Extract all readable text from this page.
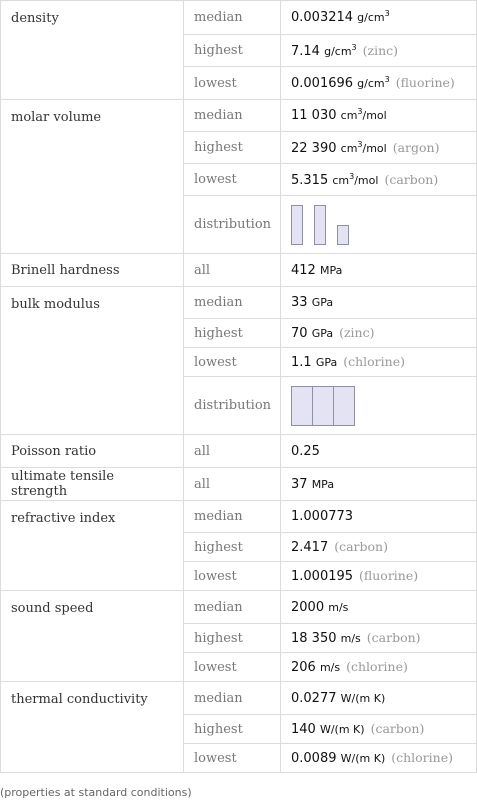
density	median	0.003214 $g/cm^3$
	highest	7.14 $g/cm^3$ (zinc)
	lowest	0.001696 $g/cm^3$ (fluorine)
molar volume	median	11 030 $cm^3$/mol
	highest	22 390 $cm^3$/mol (argon)
	lowest	5.315 $cm^3$/mol (carbon)
	distribution	

Brinell hardness	all	412 MPa
bulk modulus	median	33 GPa
	highest	70 GPa (zinc)
	lowest	1.1 GPa (chlorine)
	distribution	

Poisson ratio	all	0.25
ultimate tensile strength	all	37 MPa
refractive index	median	1.000773
	highest	2.417 (carbon)
	lowest	1.000195 (fluorine)
sound speed	median	2000 m/s
	highest	18 350 m/s (carbon)
	lowest	206 m/s (chlorine)
thermal conductivity	median	0.0277 W/(m K)
	highest	140 W/(m K) (carbon)
	lowest	0.0089 W/(m K) (chlorine)
(properties at standard conditions)
